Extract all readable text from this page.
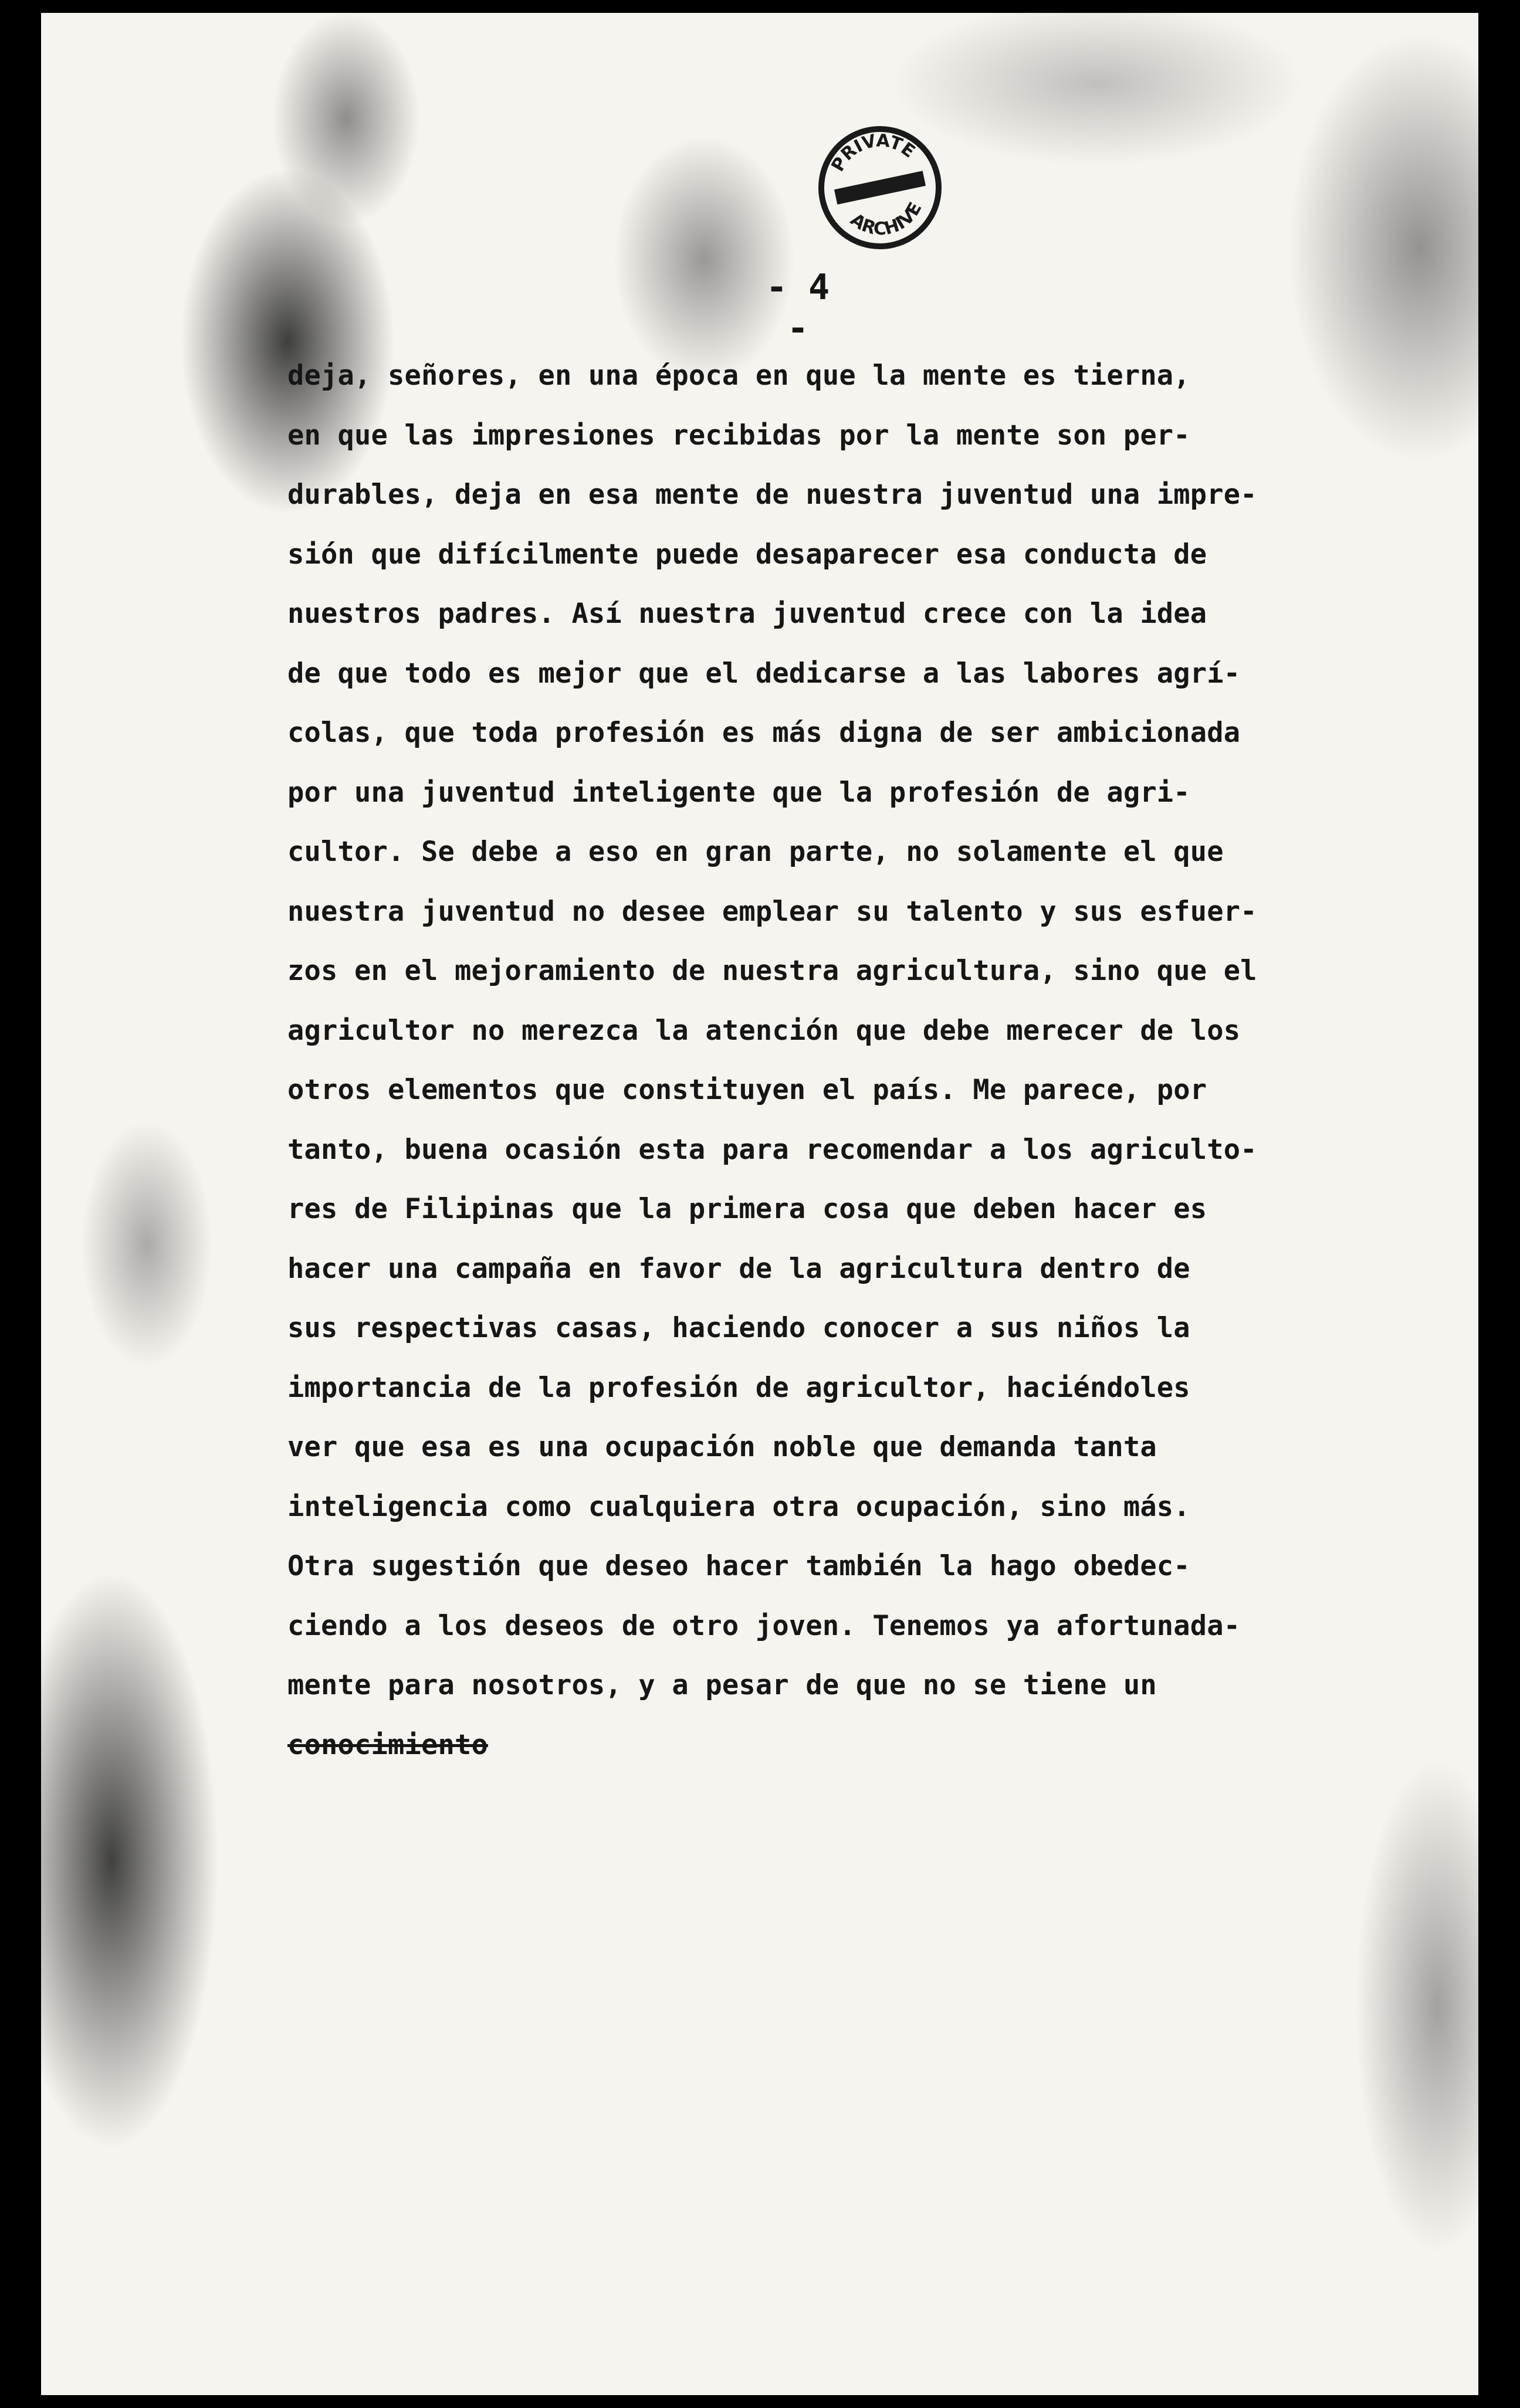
PRIVATE
ARCHIVE
- 4 -
deja, señores, en una época en que la mente es tierna,
en que las impresiones recibidas por la mente son per-
durables, deja en esa mente de nuestra juventud una impre-
sión que difícilmente puede desaparecer esa conducta de
nuestros padres. Así nuestra juventud crece con la idea
de que todo es mejor que el dedicarse a las labores agrí-
colas, que toda profesión es más digna de ser ambicionada
por una juventud inteligente que la profesión de agri-
cultor. Se debe a eso en gran parte, no solamente el que
nuestra juventud no desee emplear su talento y sus esfuer-
zos en el mejoramiento de nuestra agricultura, sino que el
agricultor no merezca la atención que debe merecer de los
otros elementos que constituyen el país. Me parece, por
tanto, buena ocasión esta para recomendar a los agriculto-
res de Filipinas que la primera cosa que deben hacer es
hacer una campaña en favor de la agricultura dentro de
sus respectivas casas, haciendo conocer a sus niños la
importancia de la profesión de agricultor, haciéndoles
ver que esa es una ocupación noble que demanda tanta
inteligencia como cualquiera otra ocupación, sino más.
Otra sugestión que deseo hacer también la hago obedec-
ciendo a los deseos de otro joven. Tenemos ya afortunada-
mente para nosotros, y a pesar de que no se tiene un
conocimiento
